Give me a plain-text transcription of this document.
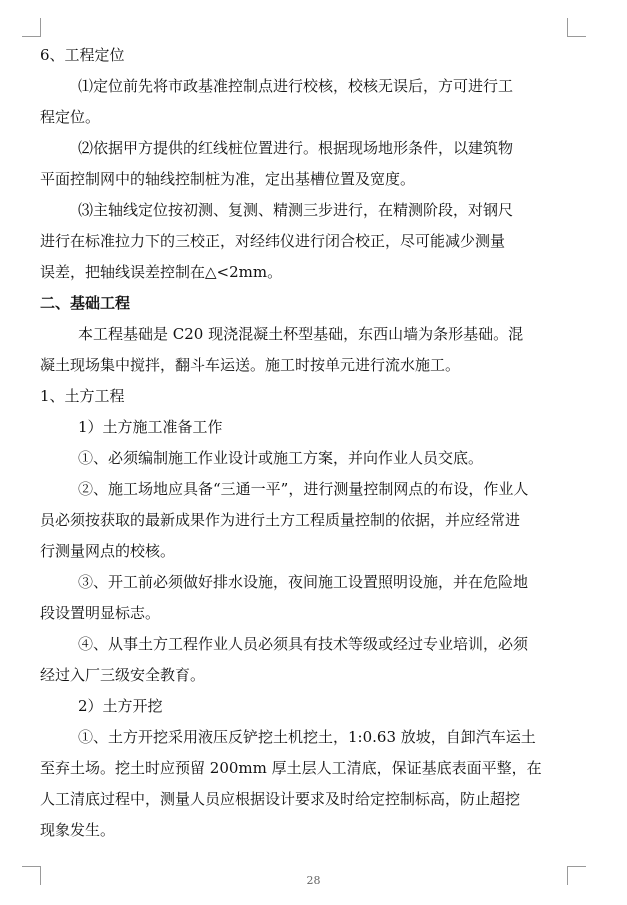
6、工程定位
⑴定位前先将市政基准控制点进行校核，校核无误后，方可进行工
程定位。
⑵依据甲方提供的红线桩位置进行。根据现场地形条件，以建筑物
平面控制网中的轴线控制桩为准，定出基槽位置及宽度。
⑶主轴线定位按初测、复测、精测三步进行，在精测阶段，对钢尺
进行在标准拉力下的三校正，对经纬仪进行闭合校正，尽可能减少测量
误差，把轴线误差控制在△<2mm。
二、基础工程
本工程基础是 C20 现浇混凝土杯型基础，东西山墙为条形基础。混
凝土现场集中搅拌，翻斗车运送。施工时按单元进行流水施工。
1、土方工程
1）土方施工准备工作
①、必须编制施工作业设计或施工方案，并向作业人员交底。
②、施工场地应具备“三通一平”，进行测量控制网点的布设，作业人
员必须按获取的最新成果作为进行土方工程质量控制的依据，并应经常进
行测量网点的校核。
③、开工前必须做好排水设施，夜间施工设置照明设施，并在危险地
段设置明显标志。
④、从事土方工程作业人员必须具有技术等级或经过专业培训，必须
经过入厂三级安全教育。
2）土方开挖
①、土方开挖采用液压反铲挖土机挖土，1:0.63 放坡，自卸汽车运土
至弃土场。挖土时应预留 200mm 厚土层人工清底，保证基底表面平整，在
人工清底过程中，测量人员应根据设计要求及时给定控制标高，防止超挖
现象发生。
28
